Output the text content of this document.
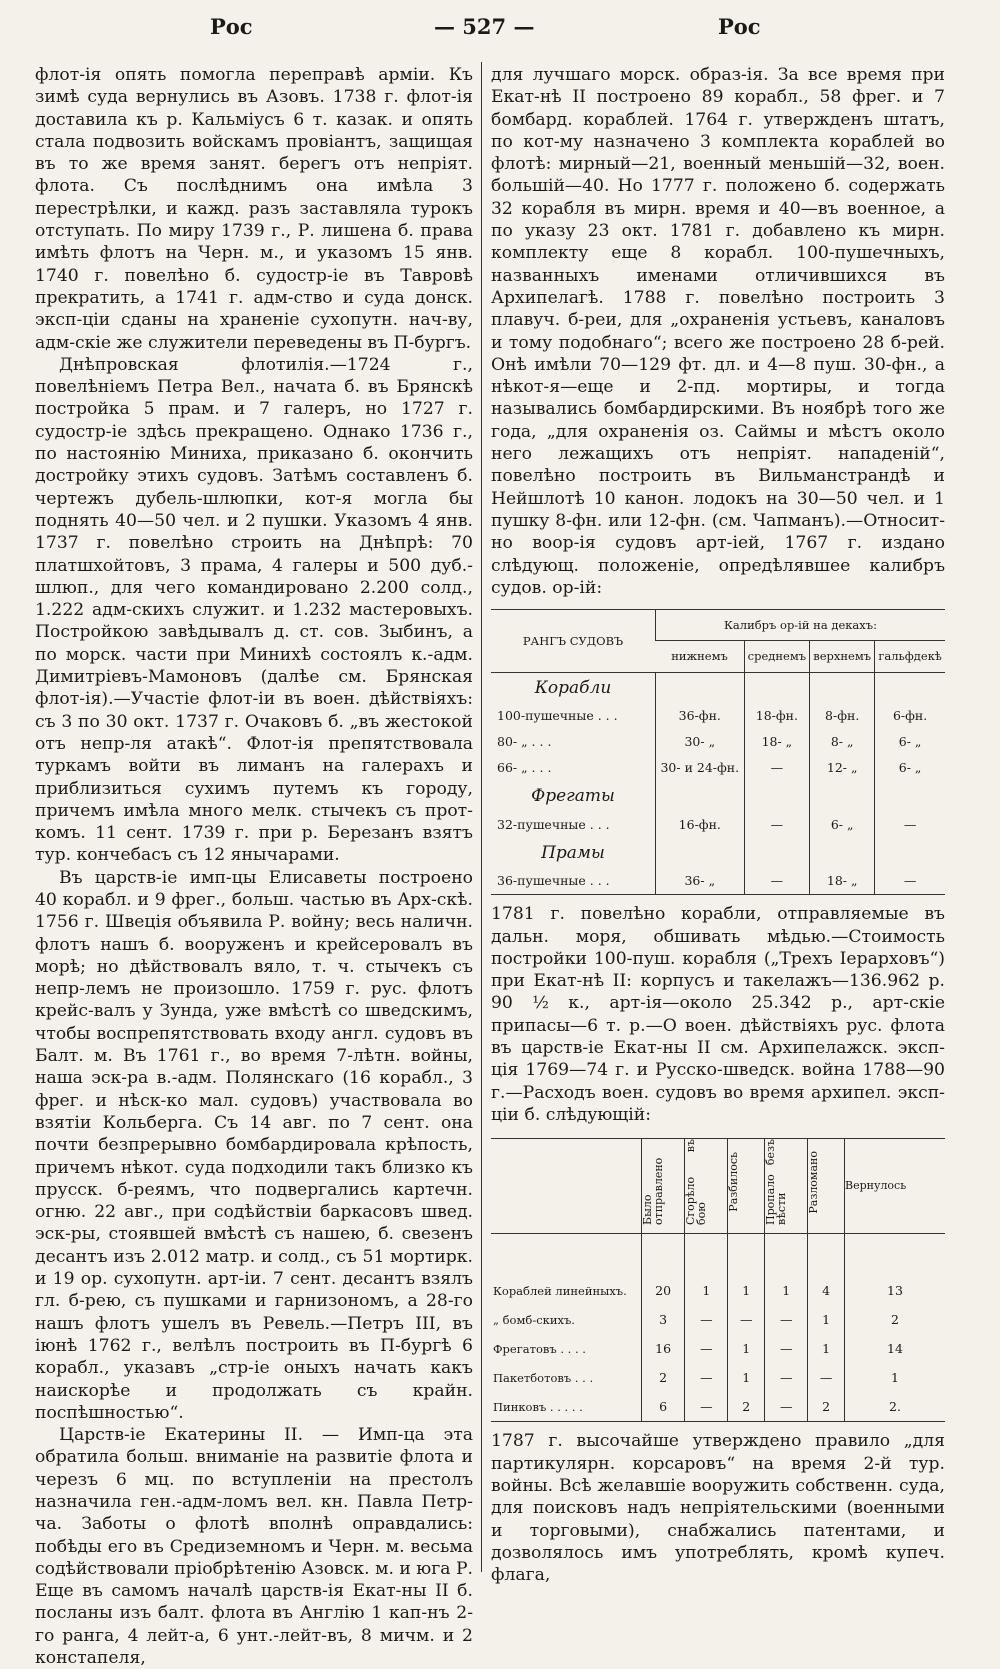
Рос	— 527 —	Рос

флот-ія опять помогла переправѣ арміи. Къ зимѣ суда вернулись въ Азовъ. 1738 г. флот-ія доставила къ р. Кальміусъ 6 т. казак. и опять стала подвозить войскамъ провіантъ, защищая въ то же время занят. берегъ отъ непріят. флота. Съ послѣднимъ она имѣла 3 перестрѣлки, и кажд. разъ заставляла турокъ отступать. По миру 1739 г., Р. лишена б. права имѣть флотъ на Черн. м., и указомъ 15 янв. 1740 г. повелѣно б. судостр-іе въ Тавровѣ прекратить, а 1741 г. адм-ство и суда донск. эксп-ціи сданы на храненіе сухопутн. нач-ву, адм-скіе же служители переведены въ П-бургъ.

Днѣпровская флотилія.—1724 г., повелѣніемъ Петра Вел., начата б. въ Брянскѣ постройка 5 прам. и 7 галеръ, но 1727 г. судостр-іе здѣсь прекращено. Однако 1736 г., по настоянію Миниха, приказано б. окончить достройку этихъ судовъ. Затѣмъ составленъ б. чертежъ дубель-шлюпки, кот-я могла бы поднять 40—50 чел. и 2 пушки. Указомъ 4 янв. 1737 г. повелѣно строить на Днѣпрѣ: 70 платшхойтовъ, 3 прама, 4 галеры и 500 дуб.-шлюп., для чего командировано 2.200 солд., 1.222 адм-скихъ служит. и 1.232 мастеровыхъ. Постройкою завѣдывалъ д. ст. сов. Зыбинъ, а по морск. части при Минихѣ состоялъ к.-адм. Димитріевъ-Мамоновъ (далѣе см. Брянская флот-ія).—Участіе флот-іи въ воен. дѣйствіяхъ: съ 3 по 30 окт. 1737 г. Очаковъ б. „въ жестокой отъ непр-ля атакѣ“. Флот-ія препятствовала туркамъ войти въ лиманъ на галерахъ и приблизиться сухимъ путемъ къ городу, причемъ имѣла много мелк. стычекъ съ прот-комъ. 11 сент. 1739 г. при р. Березанъ взятъ тур. кончебасъ съ 12 янычарами.

Въ царств-іе имп-цы Елисаветы построено 40 корабл. и 9 фрег., больш. частью въ Арх-скѣ. 1756 г. Швеція объявила Р. войну; весь наличн. флотъ нашъ б. вооруженъ и крейсеровалъ въ морѣ; но дѣйствовалъ вяло, т. ч. стычекъ съ непр-лемъ не произошло. 1759 г. рус. флотъ крейс-валъ у Зунда, уже вмѣстѣ со шведскимъ, чтобы воспрепятствовать входу англ. судовъ въ Балт. м. Въ 1761 г., во время 7-лѣтн. войны, наша эск-ра в.-адм. Полянскаго (16 корабл., 3 фрег. и нѣск-ко мал. судовъ) участвовала во взятіи Кольберга. Съ 14 авг. по 7 сент. она почти безпрерывно бомбардировала крѣпость, причемъ нѣкот. суда подходили такъ близко къ прусск. б-реямъ, что подвергались картечн. огню. 22 авг., при содѣйствіи баркасовъ швед. эск-ры, стоявшей вмѣстѣ съ нашею, б. свезенъ десантъ изъ 2.012 матр. и солд., съ 51 мортирк. и 19 ор. сухопутн. арт-іи. 7 сент. десантъ взялъ гл. б-рею, съ пушками и гарнизономъ, а 28-го нашъ флотъ ушелъ въ Ревель.—Петръ III, въ іюнѣ 1762 г., велѣлъ построить въ П-бургѣ 6 корабл., указавъ „стр-іе оныхъ начать какъ наискорѣе и продолжать съ крайн. поспѣшностью“.

Царств-іе Екатерины II. — Имп-ца эта обратила больш. вниманіе на развитіе флота и черезъ 6 мц. по вступленіи на престолъ назначила ген.-адм-ломъ вел. кн. Павла Петр-ча. Заботы о флотѣ вполнѣ оправдались: побѣды его въ Средиземномъ и Черн. м. весьма содѣйствовали пріобрѣтенію Азовск. м. и юга Р. Еще въ самомъ началѣ царств-ія Екат-ны II б. посланы изъ балт. флота въ Англію 1 кап-нъ 2-го ранга, 4 лейт-а, 6 унт.-лейт-въ, 8 мичм. и 2 констапеля,

для лучшаго морск. образ-ія. За все время при Екат-нѣ II построено 89 корабл., 58 фрег. и 7 бомбард. кораблей. 1764 г. утвержденъ штатъ, по кот-му назначено 3 комплекта кораблей во флотѣ: мирный—21, военный меньшій—32, воен. большій—40. Но 1777 г. положено б. содержать 32 корабля въ мирн. время и 40—въ военное, а по указу 23 окт. 1781 г. добавлено къ мирн. комплекту еще 8 корабл. 100-пушечныхъ, названныхъ именами отличившихся въ Архипелагѣ. 1788 г. повелѣно построить 3 плавуч. б-реи, для „охраненія устьевъ, каналовъ и тому подобнаго“; всего же построено 28 б-рей. Онѣ имѣли 70—129 фт. дл. и 4—8 пуш. 30-фн., а нѣкот-я—еще и 2-пд. мортиры, и тогда назывались бомбардирскими. Въ ноябрѣ того же года, „для охраненія оз. Саймы и мѣстъ около него лежащихъ отъ непріят. нападеній“, повелѣно построить въ Вильманстрандѣ и Нейшлотѣ 10 канон. лодокъ на 30—50 чел. и 1 пушку 8-фн. или 12-фн. (см. Чапманъ).—Относит-но воор-ія судовъ арт-іей, 1767 г. издано слѣдующ. положеніе, опредѣлявшее калибръ судов. ор-ій:

РАНГЪ СУДОВЪ	Калибръ ор-ій на декахъ:			
	нижнемъ	среднемъ	верхнемъ	гальфдекѣ
Корабли				
100-пушечные . . .	36-фн.	18-фн.	8-фн.	6-фн.
80- „ . . .	30- „	18- „	8- „	6- „
66- „ . . .	30- и 24-фн.	—	12- „	6- „
Фрегаты				
32-пушечные . . .	16-фн.	—	6- „	—
Прамы				
36-пушечные . . .	36- „	—	18- „	—

1781 г. повелѣно корабли, отправляемые въ дальн. моря, обшивать мѣдью.—Стоимость постройки 100-пуш. корабля („Трехъ Іерарховъ“) при Екат-нѣ II: корпусъ и такелажъ—136.962 р. 90 ½ к., арт-ія—около 25.342 р., арт-скіе припасы—6 т. р.—О воен. дѣйствіяхъ рус. флота въ царств-іе Екат-ны II см. Архипелажск. эксп-ція 1769—74 г. и Русско-шведск. война 1788—90 г.—Расходъ воен. судовъ во время архипел. эксп-ціи б. слѣдующій:

	Было отправлено	Сгорѣло въ бою	Разбилось	Пропало безъ вѣсти	Разломано	Вернулось
Кораблей линейныхъ.	20	1	1	1	4	13
„ бомб-скихъ.	3	—	—	—	1	2
Фрегатовъ . . . .	16	—	1	—	1	14
Пакетботовъ . . .	2	—	1	—	—	1
Пинковъ . . . . .	6	—	2	—	2	2.

1787 г. высочайше утверждено правило „для партикулярн. корсаровъ“ на время 2-й тур. войны. Всѣ желавшіе вооружить собственн. суда, для поисковъ надъ непріятельскими (военными и торговыми), снабжались патентами, и дозволялось имъ употреблять, кромѣ купеч. флага,
